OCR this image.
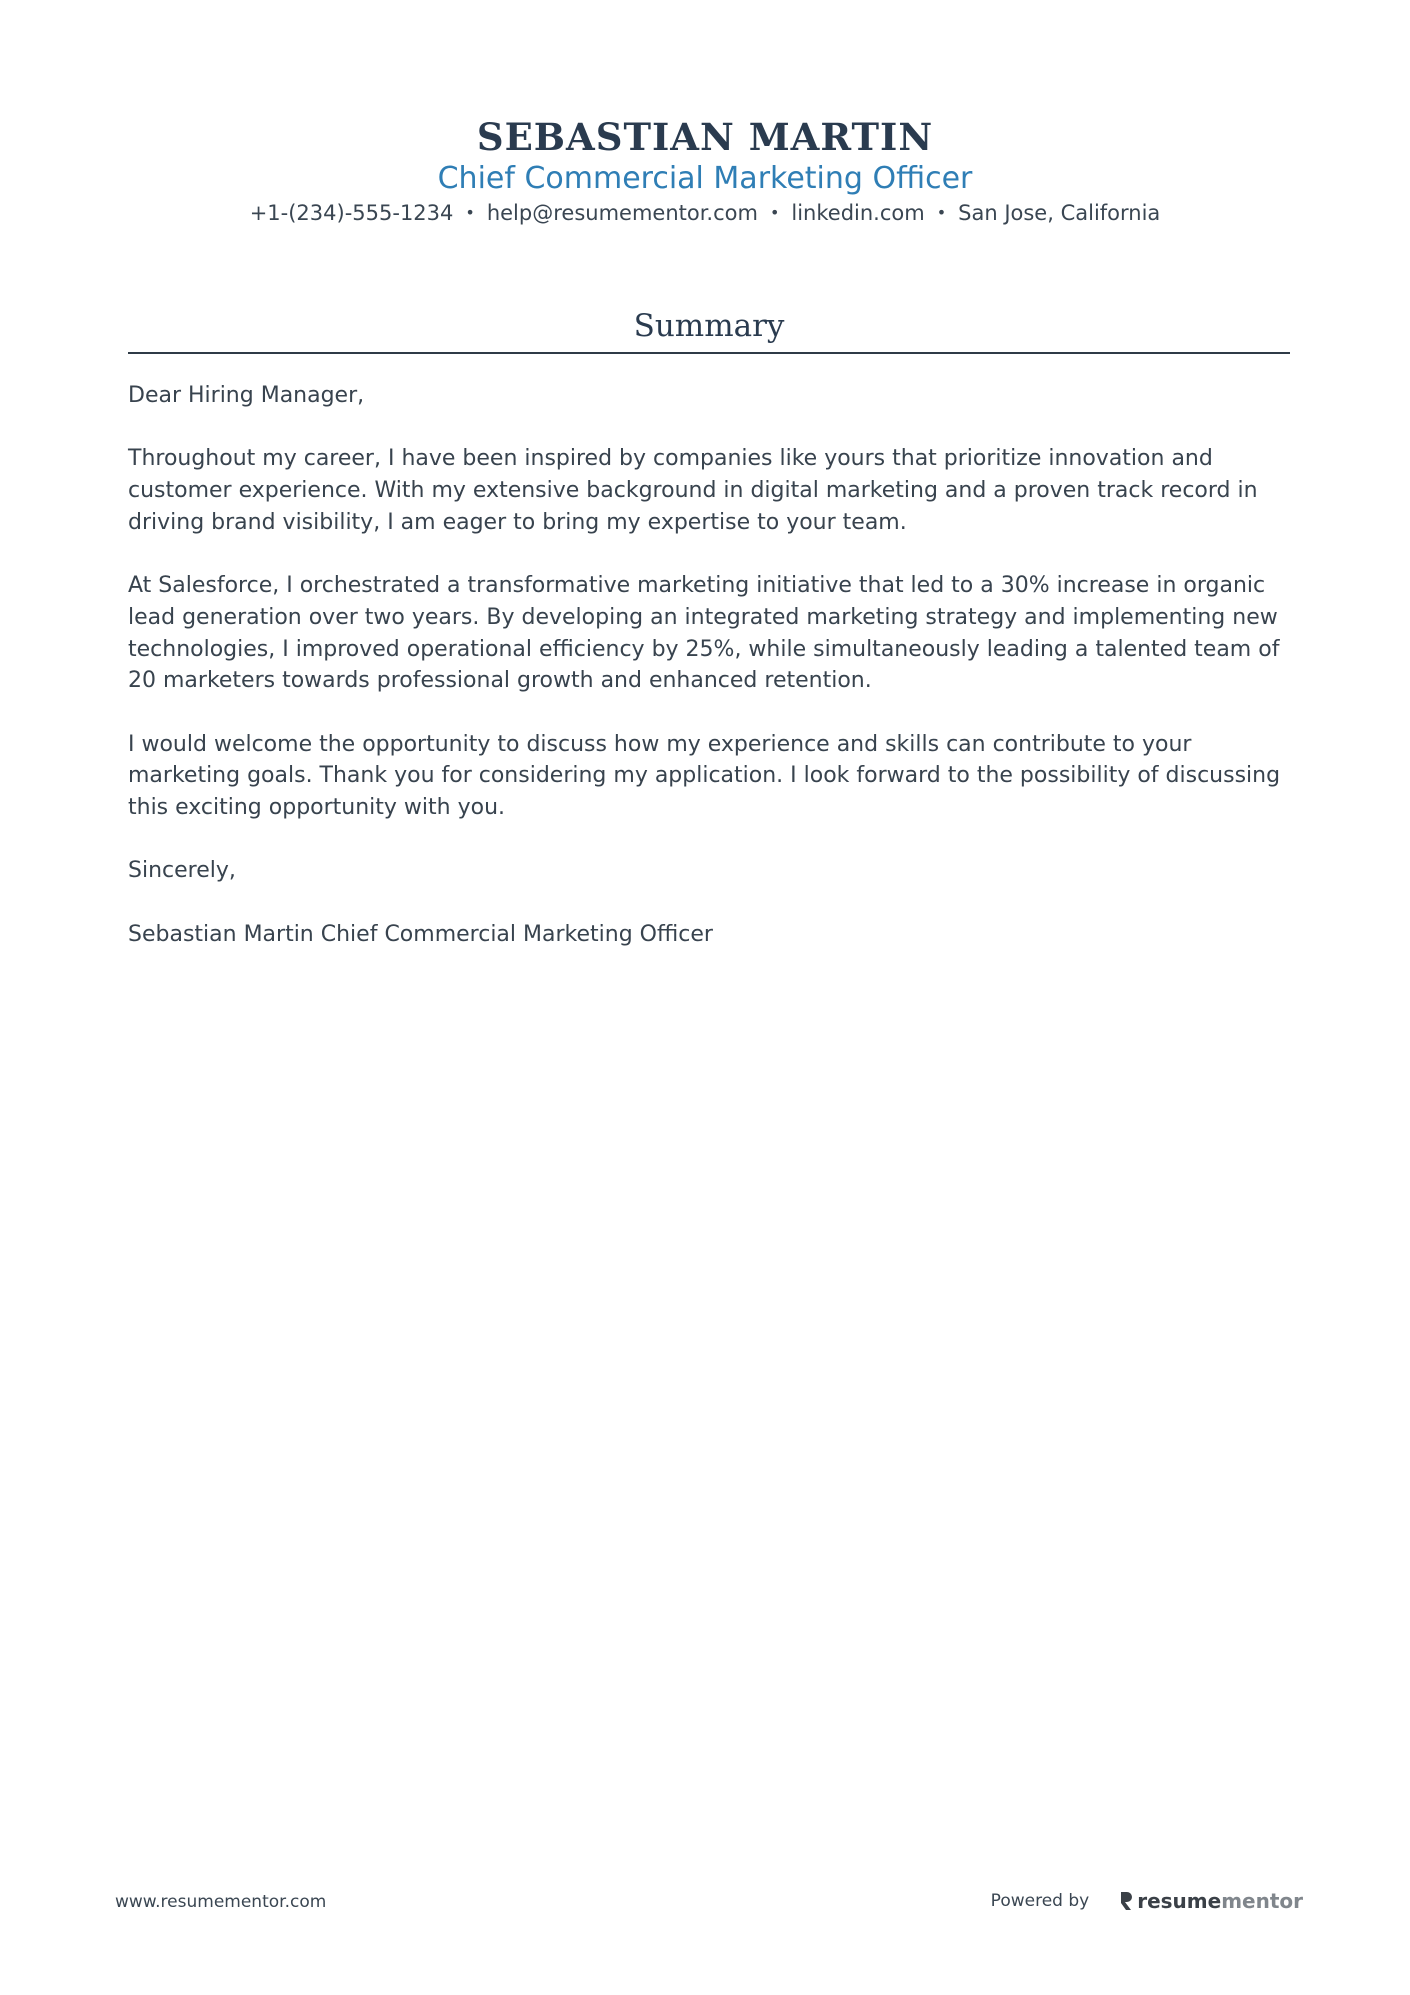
SEBASTIAN MARTIN
Chief Commercial Marketing Officer
+1-(234)-555-1234 • help@resumementor.com • linkedin.com • San Jose, California
Summary

Dear Hiring Manager,

Throughout my career, I have been inspired by companies like yours that prioritize innovation and customer experience. With my extensive background in digital marketing and a proven track record in driving brand visibility, I am eager to bring my expertise to your team.

At Salesforce, I orchestrated a transformative marketing initiative that led to a 30% increase in organic lead generation over two years. By developing an integrated marketing strategy and implementing new technologies, I improved operational efficiency by 25%, while simultaneously leading a talented team of 20 marketers towards professional growth and enhanced retention.

I would welcome the opportunity to discuss how my experience and skills can contribute to your marketing goals. Thank you for considering my application. I look forward to the possibility of discussing this exciting opportunity with you.

Sincerely,

Sebastian Martin Chief Commercial Marketing Officer

www.resumementor.com	Powered by resume mentor
